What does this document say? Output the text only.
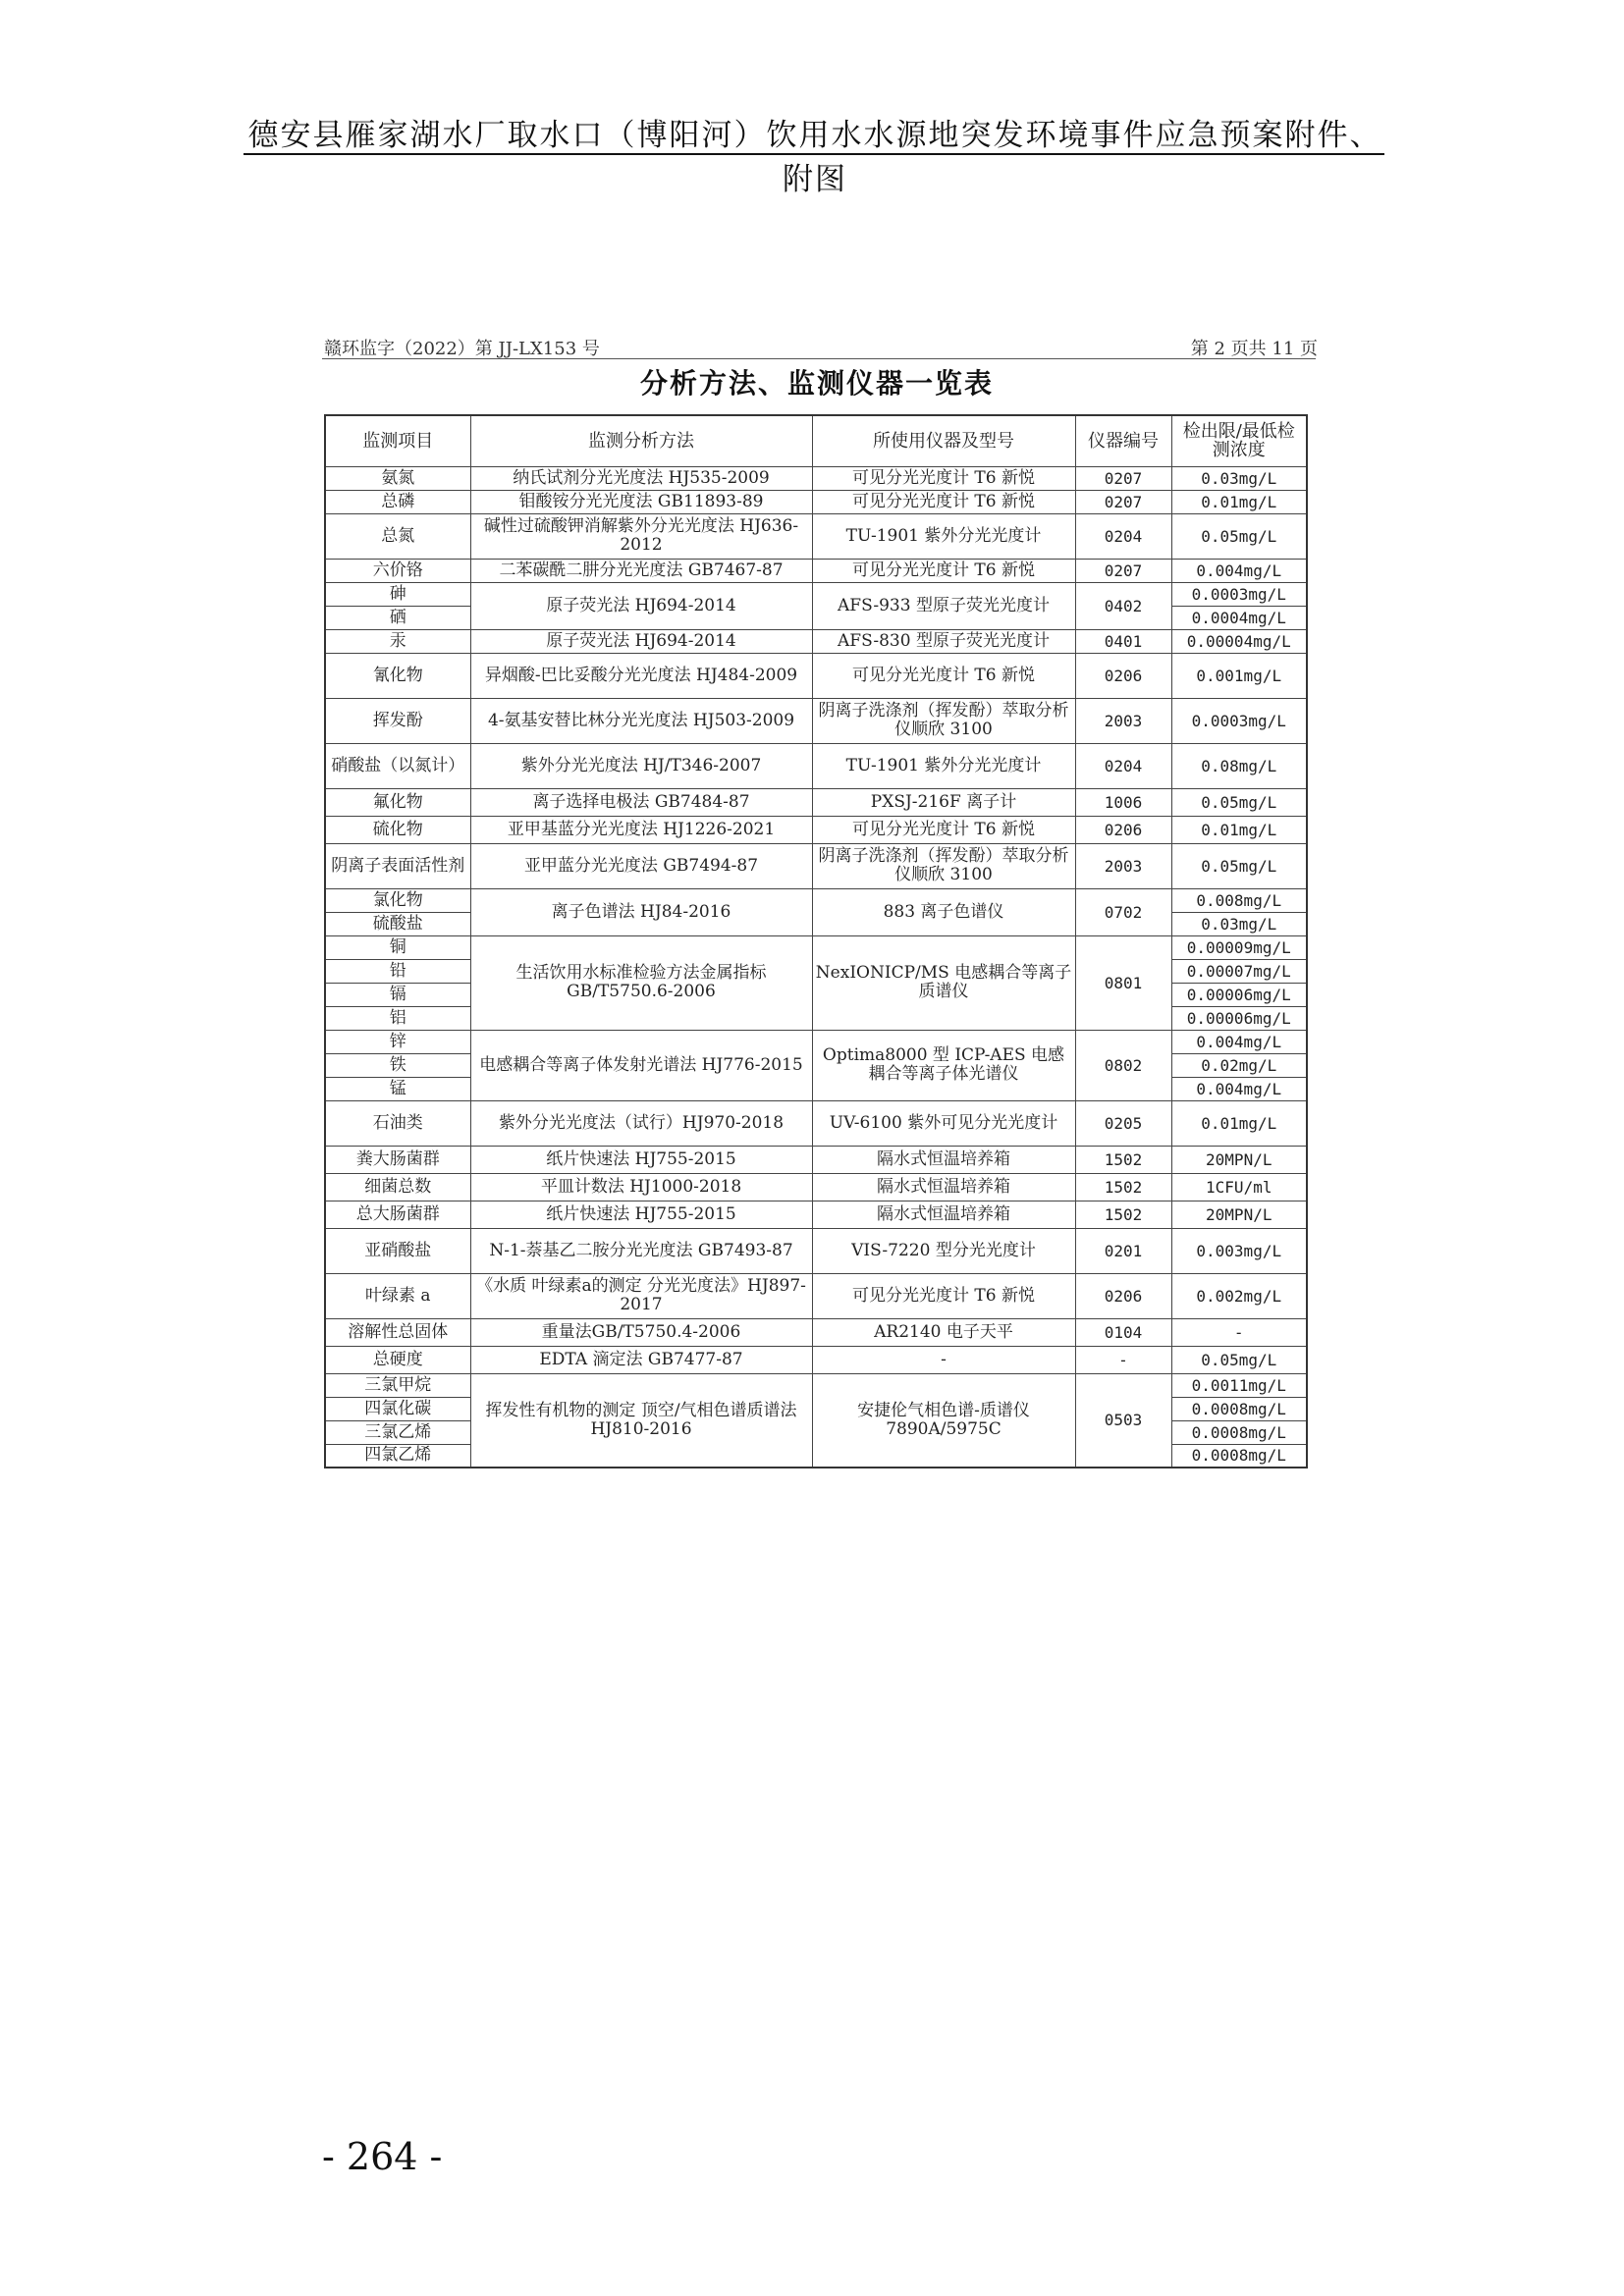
德安县雁家湖水厂取水口（博阳河）饮用水水源地突发环境事件应急预案附件、附图
赣环监字（2022）第 JJ-LX153 号	第 2 页共 11 页
分析方法、监测仪器一览表
监测项目	监测分析方法	所使用仪器及型号	仪器编号	检出限/最低检测浓度
氨氮	纳氏试剂分光光度法 HJ535-2009	可见分光光度计 T6 新悦	0207	0.03mg/L
总磷	钼酸铵分光光度法 GB11893-89	可见分光光度计 T6 新悦	0207	0.01mg/L
总氮	碱性过硫酸钾消解紫外分光光度法 HJ636-2012	TU-1901 紫外分光光度计	0204	0.05mg/L
六价铬	二苯碳酰二肼分光光度法 GB7467-87	可见分光光度计 T6 新悦	0207	0.004mg/L
砷	原子荧光法 HJ694-2014	AFS-933 型原子荧光光度计	0402	0.0003mg/L
硒				0.0004mg/L
汞	原子荧光法 HJ694-2014	AFS-830 型原子荧光光度计	0401	0.00004mg/L
氰化物	异烟酸-巴比妥酸分光光度法 HJ484-2009	可见分光光度计 T6 新悦	0206	0.001mg/L
挥发酚	4-氨基安替比林分光光度法 HJ503-2009	阴离子洗涤剂（挥发酚）萃取分析仪顺欣 3100	2003	0.0003mg/L
硝酸盐（以氮计）	紫外分光光度法 HJ/T346-2007	TU-1901 紫外分光光度计	0204	0.08mg/L
氟化物	离子选择电极法 GB7484-87	PXSJ-216F 离子计	1006	0.05mg/L
硫化物	亚甲基蓝分光光度法 HJ1226-2021	可见分光光度计 T6 新悦	0206	0.01mg/L
阴离子表面活性剂	亚甲蓝分光光度法 GB7494-87	阴离子洗涤剂（挥发酚）萃取分析仪顺欣 3100	2003	0.05mg/L
氯化物	离子色谱法 HJ84-2016	883 离子色谱仪	0702	0.008mg/L
硫酸盐				0.03mg/L
铜	生活饮用水标准检验方法金属指标 GB/T5750.6-2006	NexIONICP/MS 电感耦合等离子质谱仪	0801	0.00009mg/L
铅				0.00007mg/L
镉				0.00006mg/L
铝				0.00006mg/L
锌	电感耦合等离子体发射光谱法 HJ776-2015	Optima8000 型 ICP-AES 电感耦合等离子体光谱仪	0802	0.004mg/L
铁				0.02mg/L
锰				0.004mg/L
石油类	紫外分光光度法（试行）HJ970-2018	UV-6100 紫外可见分光光度计	0205	0.01mg/L
粪大肠菌群	纸片快速法 HJ755-2015	隔水式恒温培养箱	1502	20MPN/L
细菌总数	平皿计数法 HJ1000-2018	隔水式恒温培养箱	1502	1CFU/ml
总大肠菌群	纸片快速法 HJ755-2015	隔水式恒温培养箱	1502	20MPN/L
亚硝酸盐	N-1-萘基乙二胺分光光度法 GB7493-87	VIS-7220 型分光光度计	0201	0.003mg/L
叶绿素 a	《水质 叶绿素a的测定 分光光度法》HJ897-2017	可见分光光度计 T6 新悦	0206	0.002mg/L
溶解性总固体	重量法GB/T5750.4-2006	AR2140 电子天平	0104	-
总硬度	EDTA 滴定法 GB7477-87	-	-	0.05mg/L
三氯甲烷	挥发性有机物的测定 顶空/气相色谱质谱法 HJ810-2016	安捷伦气相色谱-质谱仪 7890A/5975C	0503	0.0011mg/L
四氯化碳				0.0008mg/L
三氯乙烯				0.0008mg/L
四氯乙烯				0.0008mg/L
- 264 -
